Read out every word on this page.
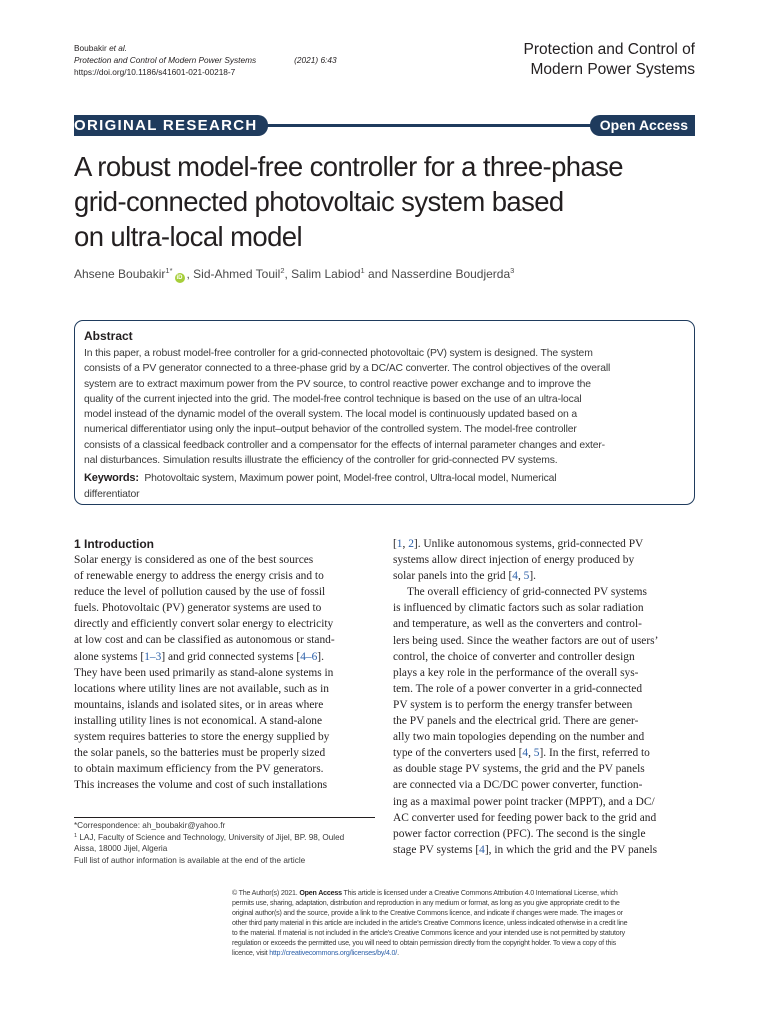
Boubakir et al.
Protection and Control of Modern Power Systems	(2021) 6:43
https://doi.org/10.1186/s41601-021-00218-7
Protection and Control of
Modern Power Systems
ORIGINAL RESEARCH	Open Access
A robust model-free controller for a three-phase
grid-connected photovoltaic system based
on ultra-local model
Ahsene Boubakir$^{1*}$iD , Sid-Ahmed Touil$^2$, Salim Labiod$^1$ and Nasserdine Boudjerda$^3$
Abstract
In this paper, a robust model-free controller for a grid-connected photovoltaic (PV) system is designed. The system
consists of a PV generator connected to a three-phase grid by a DC/AC converter. The control objectives of the overall
system are to extract maximum power from the PV source, to control reactive power exchange and to improve the
quality of the current injected into the grid. The model-free control technique is based on the use of an ultra-local
model instead of the dynamic model of the overall system. The local model is continuously updated based on a
numerical differentiator using only the input–output behavior of the controlled system. The model-free controller
consists of a classical feedback controller and a compensator for the effects of internal parameter changes and exter-
nal disturbances. Simulation results illustrate the efficiency of the controller for grid-connected PV systems.
Keywords: Photovoltaic system, Maximum power point, Model-free control, Ultra-local model, Numerical
differentiator
1 Introduction
Solar energy is considered as one of the best sources
of renewable energy to address the energy crisis and to
reduce the level of pollution caused by the use of fossil
fuels. Photovoltaic (PV) generator systems are used to
directly and efficiently convert solar energy to electricity
at low cost and can be classified as autonomous or stand-
alone systems [1–3] and grid connected systems [4–6].
They have been used primarily as stand-alone systems in
locations where utility lines are not available, such as in
mountains, islands and isolated sites, or in areas where
installing utility lines is not economical. A stand-alone
system requires batteries to store the energy supplied by
the solar panels, so the batteries must be properly sized
to obtain maximum efficiency from the PV generators.
This increases the volume and cost of such installations
[1, 2]. Unlike autonomous systems, grid-connected PV
systems allow direct injection of energy produced by
solar panels into the grid [4, 5].
The overall efficiency of grid-connected PV systems
is influenced by climatic factors such as solar radiation
and temperature, as well as the converters and control-
lers being used. Since the weather factors are out of users’
control, the choice of converter and controller design
plays a key role in the performance of the overall sys-
tem. The role of a power converter in a grid-connected
PV system is to perform the energy transfer between
the PV panels and the electrical grid. There are gener-
ally two main topologies depending on the number and
type of the converters used [4, 5]. In the first, referred to
as double stage PV systems, the grid and the PV panels
are connected via a DC/DC power converter, function-
ing as a maximal power point tracker (MPPT), and a DC/
AC converter used for feeding power back to the grid and
power factor correction (PFC). The second is the single
stage PV systems [4], in which the grid and the PV panels
*Correspondence: ah_boubakir@yahoo.fr
$^1$ LAJ, Faculty of Science and Technology, University of Jijel, BP. 98, Ouled
Aissa, 18000 Jijel, Algeria
Full list of author information is available at the end of the article
© The Author(s) 2021. Open Access This article is licensed under a Creative Commons Attribution 4.0 International License, which
permits use, sharing, adaptation, distribution and reproduction in any medium or format, as long as you give appropriate credit to the
original author(s) and the source, provide a link to the Creative Commons licence, and indicate if changes were made. The images or
other third party material in this article are included in the article’s Creative Commons licence, unless indicated otherwise in a credit line
to the material. If material is not included in the article’s Creative Commons licence and your intended use is not permitted by statutory
regulation or exceeds the permitted use, you will need to obtain permission directly from the copyright holder. To view a copy of this
licence, visit http://creativecommons.org/licenses/by/4.0/.
